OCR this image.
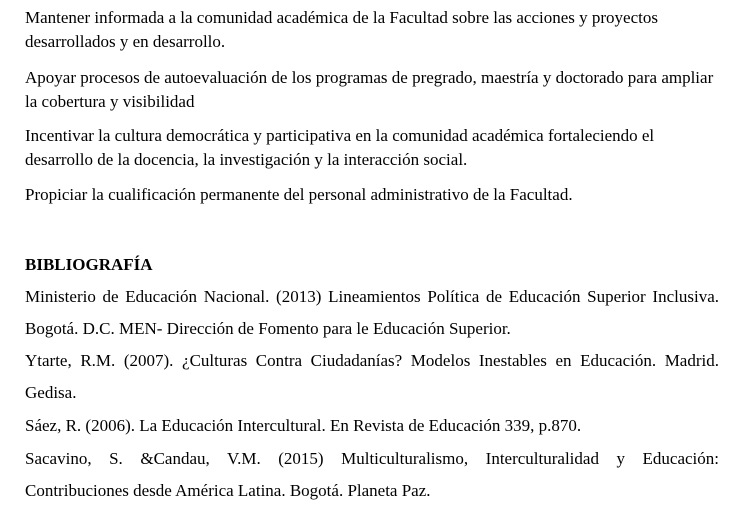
Mantener informada a la comunidad académica de la Facultad sobre las acciones y proyectos desarrollados y en desarrollo.

Apoyar procesos de autoevaluación de los programas de pregrado, maestría y doctorado para ampliar la cobertura y visibilidad

Incentivar la cultura democrática y participativa en la comunidad académica fortaleciendo el desarrollo de la docencia, la investigación y la interacción social.

Propiciar la cualificación permanente del personal administrativo de la Facultad.

BIBLIOGRAFÍA

Ministerio de Educación Nacional. (2013) Lineamientos Política de Educación Superior Inclusiva. Bogotá. D.C. MEN- Dirección de Fomento para le Educación Superior.

Ytarte, R.M. (2007). ¿Culturas Contra Ciudadanías? Modelos Inestables en Educación. Madrid. Gedisa.

Sáez, R. (2006). La Educación Intercultural. En Revista de Educación 339, p.870.

Sacavino, S. &Candau, V.M. (2015) Multiculturalismo, Interculturalidad y Educación: Contribuciones desde América Latina. Bogotá. Planeta Paz.
